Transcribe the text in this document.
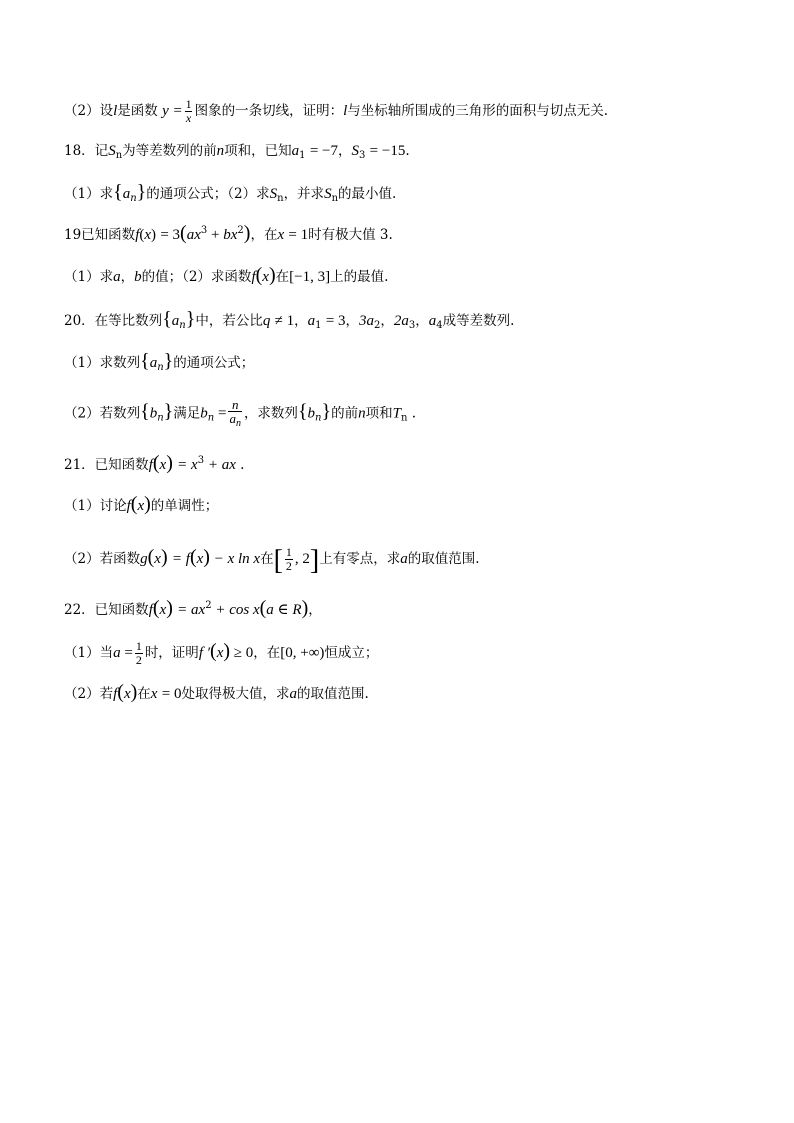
（2）设l是函数 $y = \frac{1}{x}$ 图象的一条切线，证明：l与坐标轴所围成的三角形的面积与切点无关.
18．记$S_n$为等差数列的前n项和，已知$a_1 = -7$，$S_3 = -15$.
（1）求$\{a_n\}$的通项公式；（2）求$S_n$，并求$S_n$的最小值.
19已知函数$f(x) = 3(ax^3 + bx^2)$，在x = 1时有极大值 3.
（1）求a，b的值；（2）求函数f(x)在[−1, 3]上的最值.
20．在等比数列$\{a_n\}$中，若公比q ≠ 1，$a_1 = 3$，$3a_2$，$2a_3$，$a_4$成等差数列.
（1）求数列$\{a_n\}$的通项公式；
（2）若数列$\{b_n\}$满足$b_n = \frac{n}{a_n}$ ，求数列$\{b_n\}$的前n项和$T_n$ .
21．已知函数$f(x) = x^3$ + ax .
（1）讨论f(x)的单调性；
（2）若函数g(x) = f(x) − x ln x在[ $\frac{1}{2}$ , 2]上有零点，求a的取值范围.
22．已知函数$f(x) = ax^2 + \cos x(a$ ∈ R)，
（1）当$a = \frac{1}{2}$ 时，证明f ′(x) ≥ 0，在[0, +∞)恒成立；
（2）若f(x)在x = 0处取得极大值，求a的取值范围.
